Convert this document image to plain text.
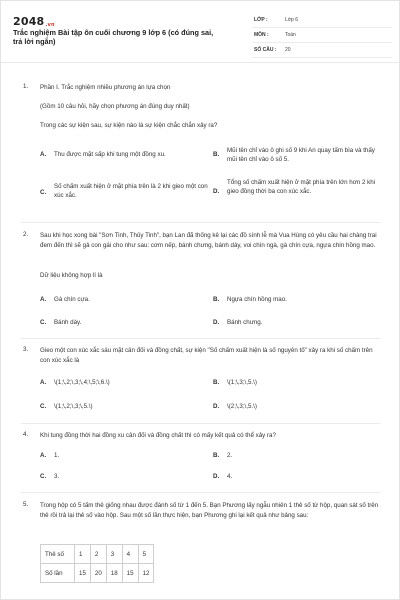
2048.vn
Trắc nghiệm Bài tập ôn cuối chương 9 lớp 6 (có đúng sai, trả lời ngắn)
LỚP :	Lớp 6
MÔN :	Toán
SỐ CÂU : 20
1. Phần I. Trắc nghiệm nhiều phương án lựa chọn
(Gồm 10 câu hỏi, hãy chọn phương án đúng duy nhất)
Trong các sự kiện sau, sự kiện nào là sự kiện chắc chắn xảy ra?
A. Thu được mặt sấp khi tung một đồng xu.	B.
Mũi tên chỉ vào ô ghi số 9 khi An quay tấm bìa và thấy mũi tên chỉ vào ô số 5.
C.
Số chấm xuất hiện ở mặt phía trên là 2 khi gieo một con xúc xắc.
D.
Tổng số chấm xuất hiện ở mặt phía trên lớn hơn 2 khi gieo đồng thời ba con xúc xắc.
2. Sau khi học xong bài "Sơn Tinh, Thủy Tinh", bạn Lan đã thống kê lại các đồ sính lễ mà Vua Hùng có yêu cầu hai chàng trai đem đến thì sẽ gả con gái cho như sau: cơm nếp, bánh chưng, bánh dày, voi chín ngà, gà chín cựa, ngựa chín hồng mao.
Dữ liệu không hợp lí là
A. Gà chín cựa.	B. Ngựa chín hồng mao.
C. Bánh dày.	D. Bánh chưng.
3. Gieo một con xúc xắc sáu mặt cân đối và đồng chất, sự kiện "Số chấm xuất hiện là số nguyên tố" xảy ra khi số chấm trên con xúc xắc là
A. \(1;\,2;\,3;\,4;\,5;\,6.\)	B. \(1;\,3;\,5.\)
C. \(1;\,2;\,3;\,5.\)	D. \(2;\,3;\,5.\)
4. Khi tung đồng thời hai đồng xu cân đối và đồng chất thì có mấy kết quả có thể xảy ra?
A. 1.	B. 2.
C. 3.	D. 4.
5. Trong hộp có 5 tấm thẻ giống nhau được đánh số từ 1 đến 5. Bạn Phương lấy ngẫu nhiên 1 thẻ số từ hộp, quan sát số trên thẻ rồi trả lại thẻ số vào hộp. Sau một số lần thực hiện, bạn Phương ghi lại kết quả như bảng sau:
Thẻ số	1	2	3	4	5
Số lần	15	20	18	15	12
